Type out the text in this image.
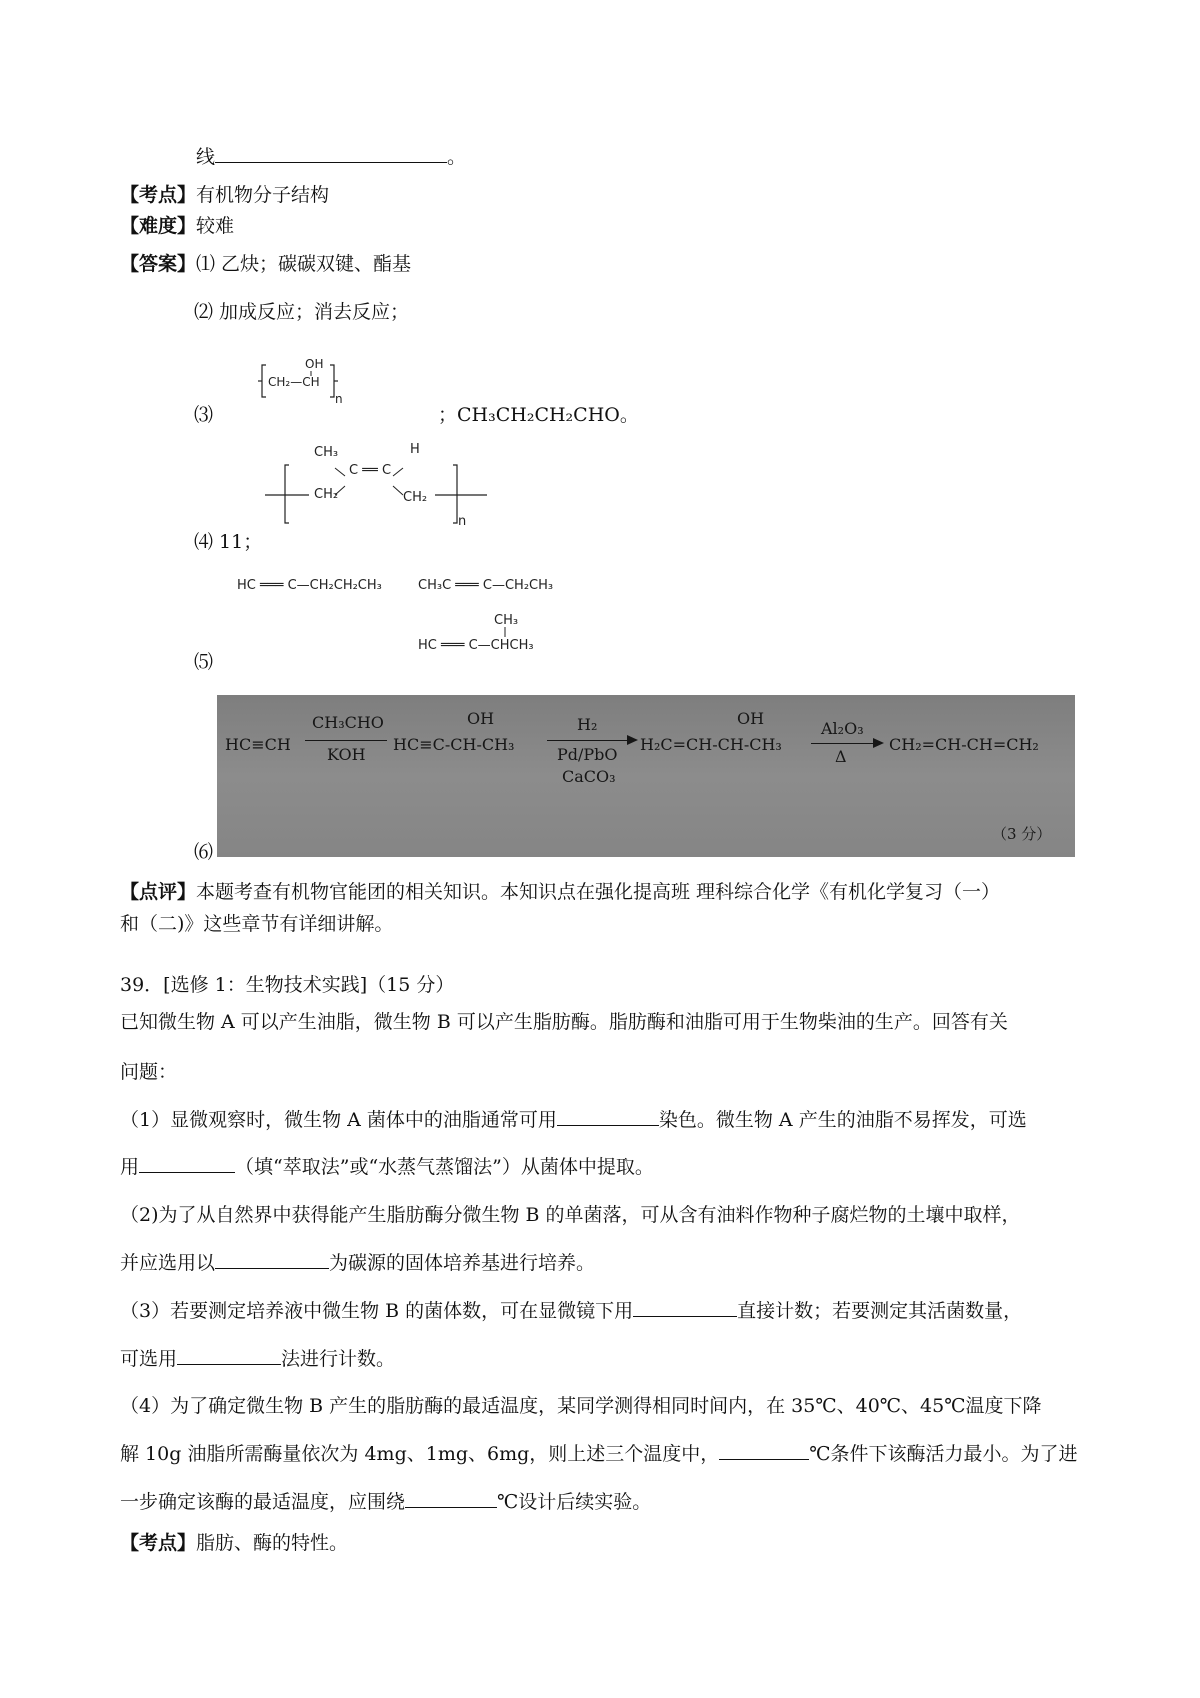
线	。
【考点】有机物分子结构
【难度】较难
【答案】⑴ 乙炔；碳碳双键、酯基
⑵ 加成反应；消去反应；
OH
CH₂—CH
n
⑶	；CH₃CH₂CH₂CHO。
CH₃	H
C ══ C
CH₂	CH₂
n
⑷ 11；
HC ═══ C—CH₂CH₂CH₃	CH₃C ═══ C—CH₂CH₃
CH₃
HC ═══ C—CHCH₃
⑸
⑹
HC≡CH
CH₃CHO
KOH
OH
HC≡C-CH-CH₃
H₂
Pd/PbO
CaCO₃
OH
H₂C=CH-CH-CH₃
Al₂O₃
Δ
CH₂=CH-CH=CH₂
（3 分）
【点评】本题考查有机物官能团的相关知识。本知识点在强化提高班 理科综合化学《有机化学复习（一）
和（二)》这些章节有详细讲解。
39．[选修 1：生物技术实践]（15 分）
已知微生物 A 可以产生油脂，微生物 B 可以产生脂肪酶。脂肪酶和油脂可用于生物柴油的生产。回答有关
问题：
（1）显微观察时，微生物 A 菌体中的油脂通常可用	染色。微生物 A 产生的油脂不易挥发，可选
用	（填“萃取法”或“水蒸气蒸馏法”）从菌体中提取。
（2)为了从自然界中获得能产生脂肪酶分微生物 B 的单菌落，可从含有油料作物种子腐烂物的土壤中取样，
并应选用以	为碳源的固体培养基进行培养。
（3）若要测定培养液中微生物 B 的菌体数，可在显微镜下用	直接计数；若要测定其活菌数量，
可选用	法进行计数。
（4）为了确定微生物 B 产生的脂肪酶的最适温度，某同学测得相同时间内，在 35℃、40℃、45℃温度下降
解 10g 油脂所需酶量依次为 4mg、1mg、6mg，则上述三个温度中，	℃条件下该酶活力最小。为了进
一步确定该酶的最适温度，应围绕	℃设计后续实验。
【考点】脂肪、酶的特性。
